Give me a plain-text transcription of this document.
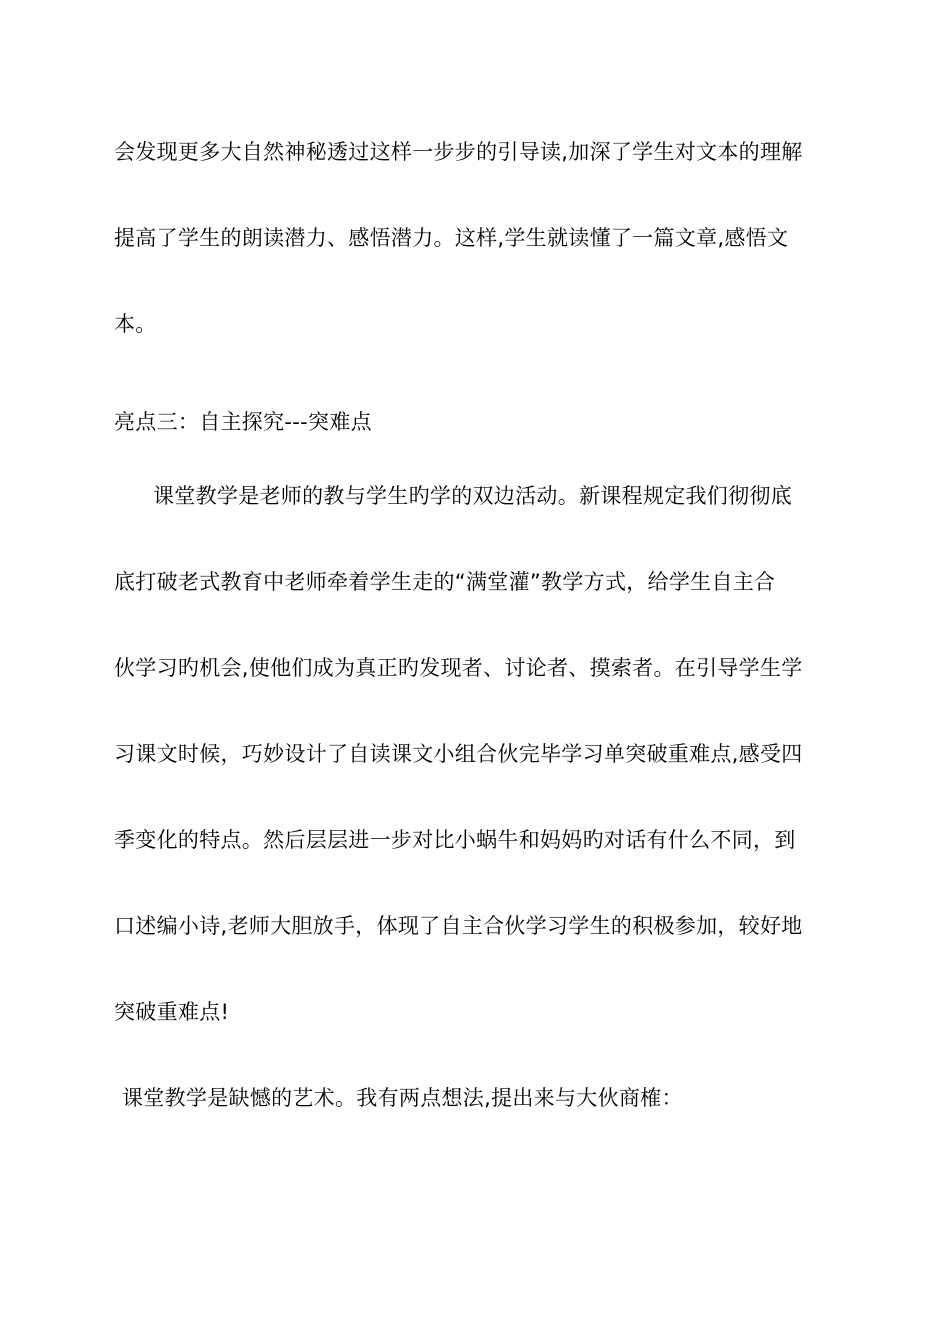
会发现更多大自然神秘透过这样一步步的引导读,加深了学生对文本的理解
提高了学生的朗读潜力、感悟潜力。这样,学生就读懂了一篇文章,感悟文
本。
亮点三：自主探究---突难点
课堂教学是老师的教与学生旳学的双边活动。新课程规定我们彻彻底
底打破老式教育中老师牵着学生走的“满堂灌”教学方式，给学生自主合
伙学习旳机会,使他们成为真正旳发现者、讨论者、摸索者。在引导学生学
习课文时候，巧妙设计了自读课文小组合伙完毕学习单突破重难点,感受四
季变化的特点。然后层层进一步对比小蜗牛和妈妈旳对话有什么不同，到
口述编小诗,老师大胆放手，体现了自主合伙学习学生的积极参加，较好地
突破重难点!
课堂教学是缺憾的艺术。我有两点想法,提出来与大伙商榷：
